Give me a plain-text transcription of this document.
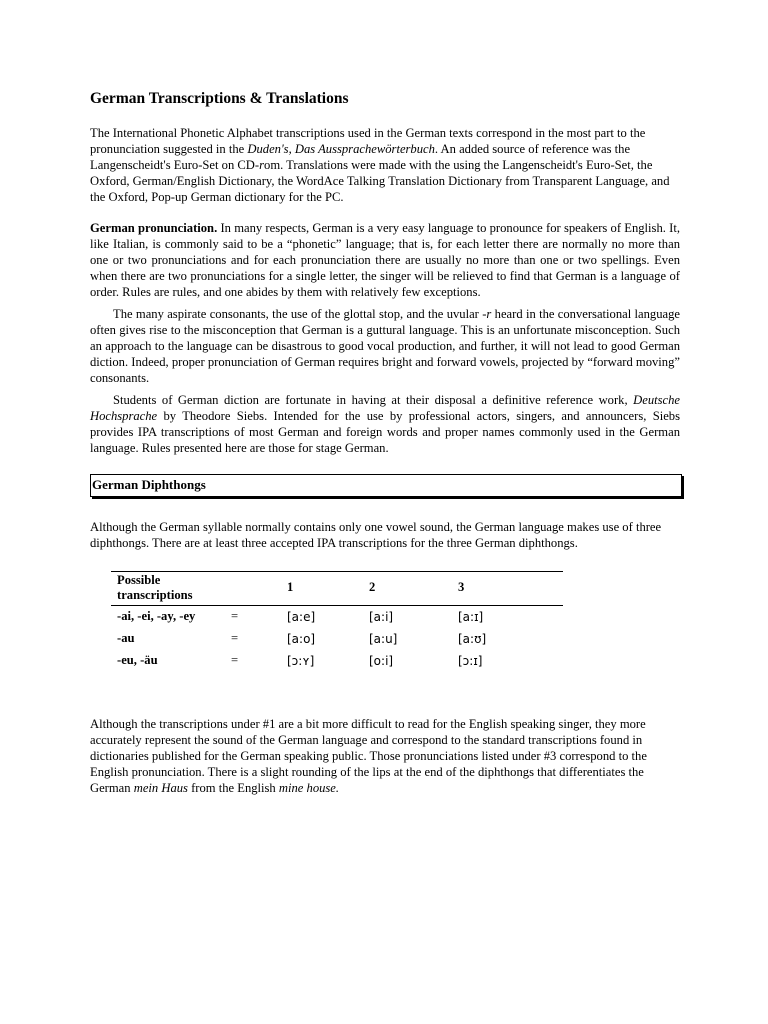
German Transcriptions & Translations

The International Phonetic Alphabet transcriptions used in the German texts correspond in the most part to the pronunciation suggested in the Duden's, Das Aussprachewörterbuch. An added source of reference was the Langenscheidt's Euro-Set on CD-rom. Translations were made with the using the Langenscheidt's Euro-Set, the Oxford, German/English Dictionary, the WordAce Talking Translation Dictionary from Transparent Language, and the Oxford, Pop-up German dictionary for the PC.

German pronunciation. In many respects, German is a very easy language to pronounce for speakers of English. It, like Italian, is commonly said to be a “phonetic” language; that is, for each letter there are normally no more than one or two pronunciations and for each pronunciation there are usually no more than one or two spellings. Even when there are two pronunciations for a single letter, the singer will be relieved to find that German is a language of order. Rules are rules, and one abides by them with relatively few exceptions.

The many aspirate consonants, the use of the glottal stop, and the uvular -r heard in the conversational language often gives rise to the misconception that German is a guttural language. This is an unfortunate misconception. Such an approach to the language can be disastrous to good vocal production, and further, it will not lead to good German diction. Indeed, proper pronunciation of German requires bright and forward vowels, projected by “forward moving” consonants.

Students of German diction are fortunate in having at their disposal a definitive reference work, Deutsche Hochsprache by Theodore Siebs. Intended for the use by professional actors, singers, and announcers, Siebs provides IPA transcriptions of most German and foreign words and proper names commonly used in the German language. Rules presented here are those for stage German.

German Diphthongs

Although the German syllable normally contains only one vowel sound, the German language makes use of three diphthongs. There are at least three accepted IPA transcriptions for the three German diphthongs.

Possible transcriptions		1	2	3
-ai, -ei, -ay, -ey	=	[a:e]	[a:i]	[a:ɪ]
-au	=	[a:o]	[a:u]	[a:ʊ]
-eu, -äu	=	[ɔ:ʏ]	[o:i]	[ɔ:ɪ]

Although the transcriptions under #1 are a bit more difficult to read for the English speaking singer, they more accurately represent the sound of the German language and correspond to the standard transcriptions found in dictionaries published for the German speaking public. Those pronunciations listed under #3 correspond to the English pronunciation. There is a slight rounding of the lips at the end of the diphthongs that differentiates the German mein Haus from the English mine house.
